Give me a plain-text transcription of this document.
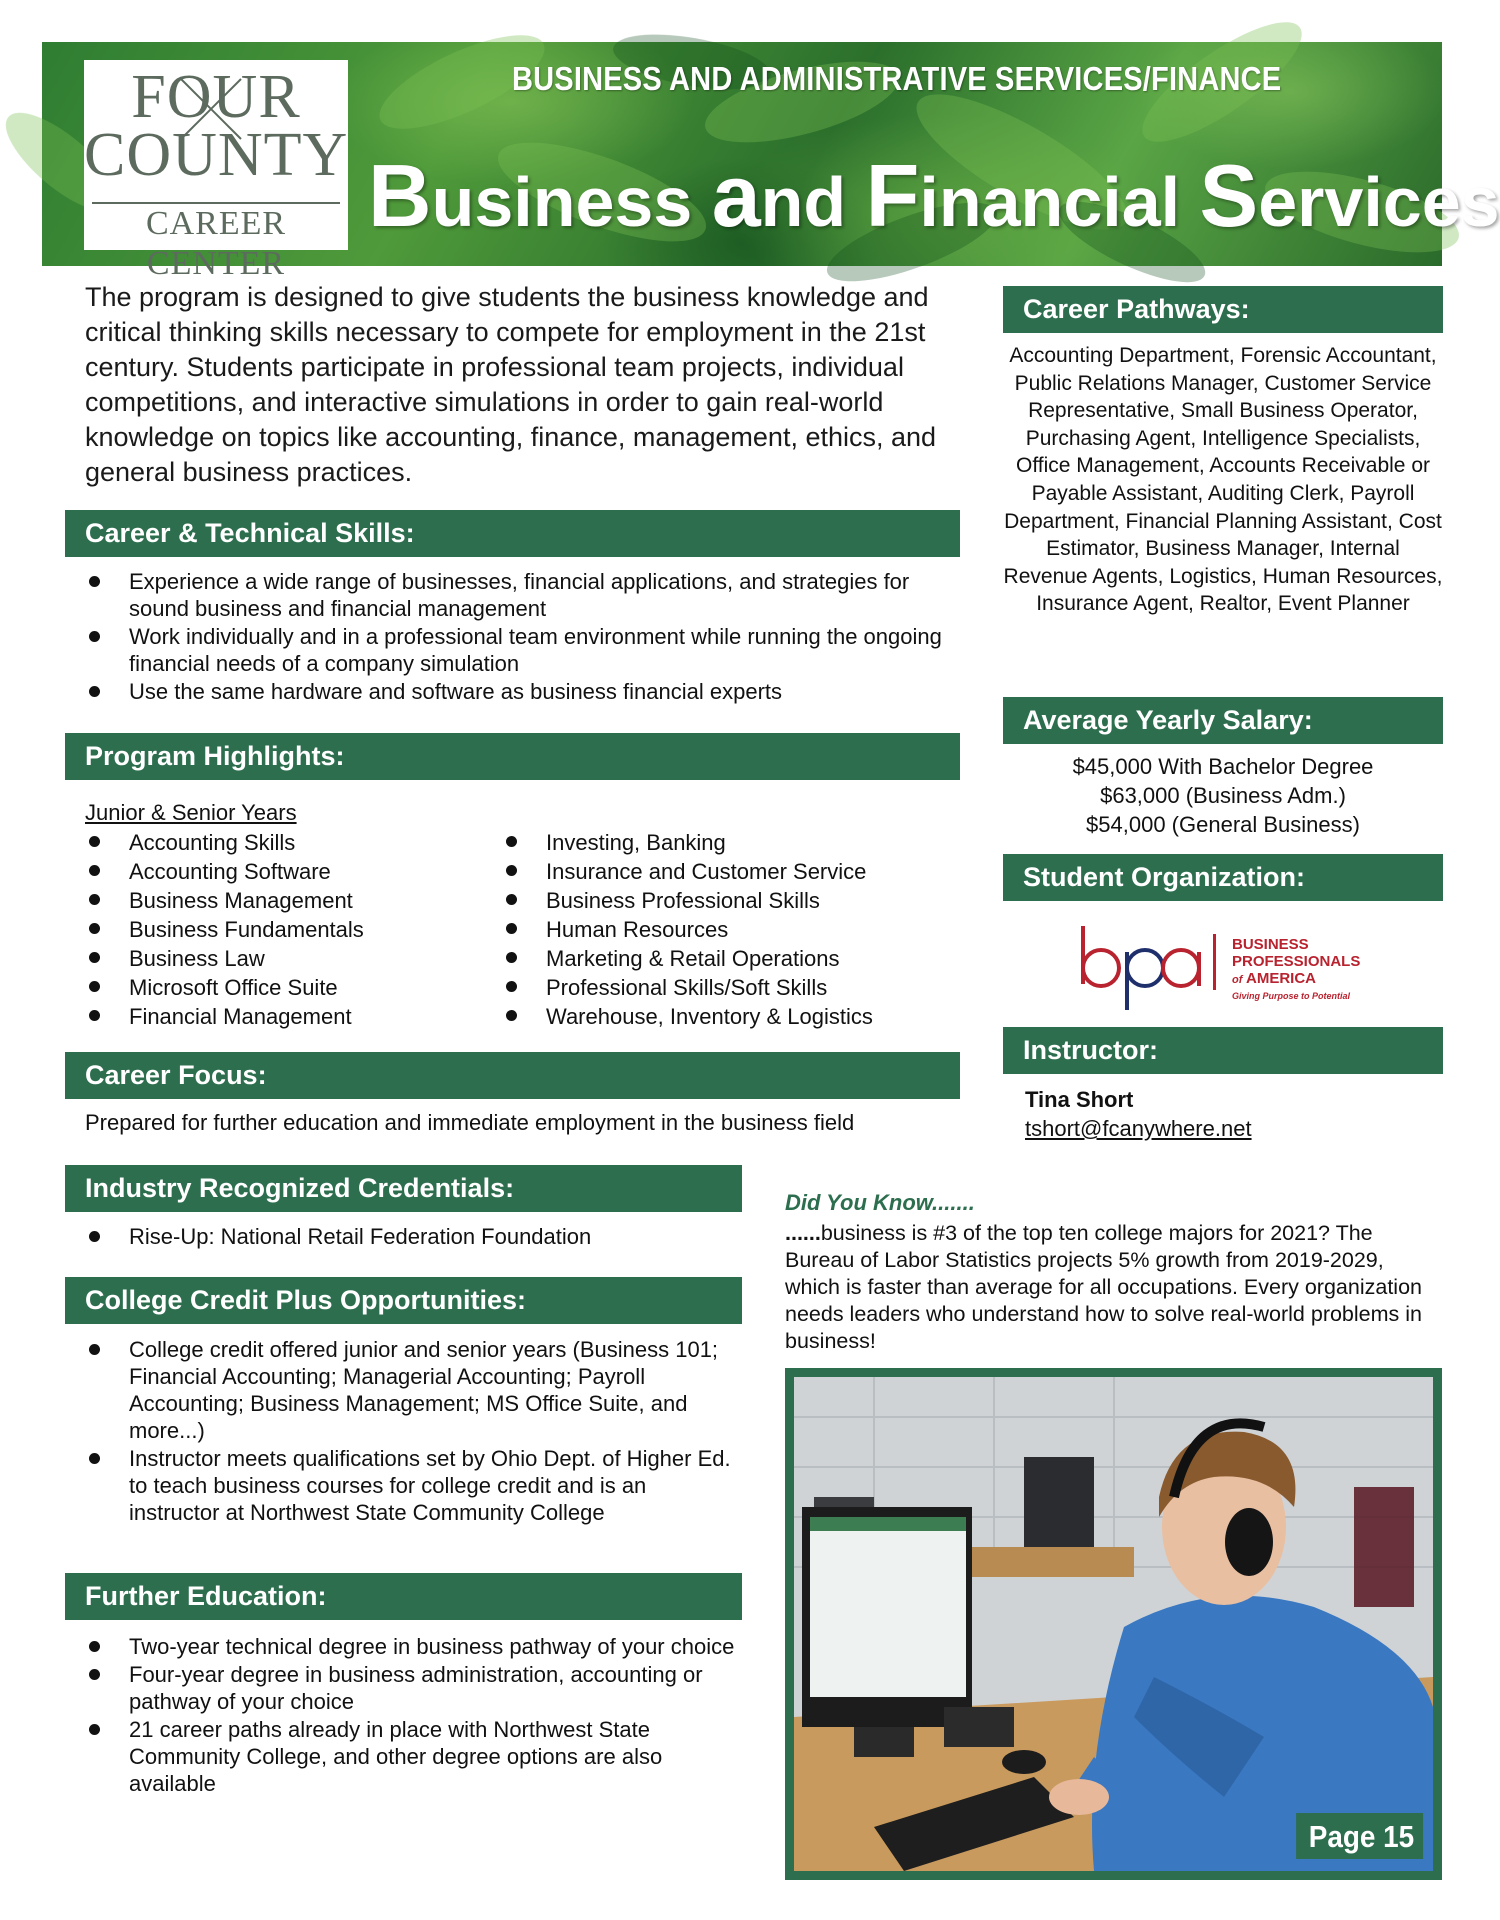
FOUR
COUNTY
CAREER CENTER
BUSINESS AND ADMINISTRATIVE SERVICES/FINANCE
Business and Financial Services

The program is designed to give students the business knowledge and critical thinking skills necessary to compete for employment in the 21st century. Students participate in professional team projects, individual competitions, and interactive simulations in order to gain real-world knowledge on topics like accounting, finance, management, ethics, and general business practices.

Career & Technical Skills:
Experience a wide range of businesses, financial applications, and strategies for sound business and financial management
Work individually and in a professional team environment while running the ongoing financial needs of a company simulation
Use the same hardware and software as business financial experts
Program Highlights:
Junior & Senior Years
Accounting Skills
Accounting Software
Business Management
Business Fundamentals
Business Law
Microsoft Office Suite
Financial Management
Investing, Banking
Insurance and Customer Service
Business Professional Skills
Human Resources
Marketing & Retail Operations
Professional Skills/Soft Skills
Warehouse, Inventory & Logistics
Career Focus:
Prepared for further education and immediate employment in the business field
Industry Recognized Credentials:
Rise-Up: National Retail Federation Foundation
College Credit Plus Opportunities:
College credit offered junior and senior years (Business 101; Financial Accounting; Managerial Accounting; Payroll Accounting; Business Management; MS Office Suite, and more...)
Instructor meets qualifications set by Ohio Dept. of Higher Ed. to teach business courses for college credit and is an instructor at Northwest State Community College
Further Education:
Two-year technical degree in business pathway of your choice
Four-year degree in business administration, accounting or pathway of your choice
21 career paths already in place with Northwest State Community College, and other degree options are also available
Career Pathways:
Accounting Department, Forensic Accountant, Public Relations Manager, Customer Service Representative, Small Business Operator, Purchasing Agent, Intelligence Specialists, Office Management, Accounts Receivable or Payable Assistant, Auditing Clerk, Payroll Department, Financial Planning Assistant, Cost Estimator, Business Manager, Internal Revenue Agents, Logistics, Human Resources, Insurance Agent, Realtor, Event Planner
Average Yearly Salary:
$45,000 With Bachelor Degree
$63,000 (Business Adm.)
$54,000 (General Business)
Student Organization:
BUSINESS
PROFESSIONALS
of AMERICA
Giving Purpose to Potential
Instructor:
Tina Short
tshort@fcanywhere.net
Did You Know.......
......business is #3 of the top ten college majors for 2021? The Bureau of Labor Statistics projects 5% growth from 2019-2029, which is faster than average for all occupations. Every organization needs leaders who understand how to solve real-world problems in business!
Page 15
